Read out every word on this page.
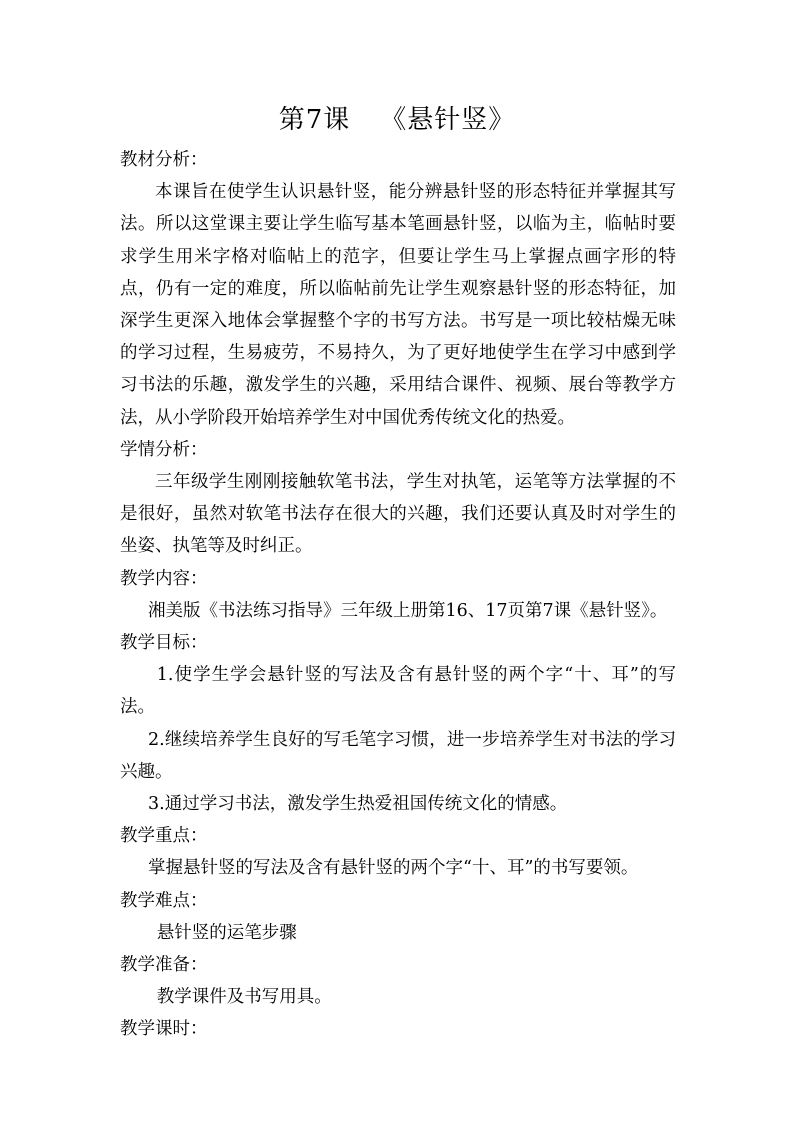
第7课 《悬针竖》

教材分析：

本课旨在使学生认识悬针竖，能分辨悬针竖的形态特征并掌握其写法。所以这堂课主要让学生临写基本笔画悬针竖，以临为主，临帖时要求学生用米字格对临帖上的范字，但要让学生马上掌握点画字形的特点，仍有一定的难度，所以临帖前先让学生观察悬针竖的形态特征，加深学生更深入地体会掌握整个字的书写方法。书写是一项比较枯燥无味的学习过程，生易疲劳，不易持久，为了更好地使学生在学习中感到学习书法的乐趣，激发学生的兴趣，采用结合课件、视频、展台等教学方法，从小学阶段开始培养学生对中国优秀传统文化的热爱。

学情分析：

三年级学生刚刚接触软笔书法，学生对执笔，运笔等方法掌握的不是很好，虽然对软笔书法存在很大的兴趣，我们还要认真及时对学生的坐姿、执笔等及时纠正。

教学内容：

湘美版《书法练习指导》三年级上册第16、17页第7课《悬针竖》。

教学目标：

1.使学生学会悬针竖的写法及含有悬针竖的两个字“十、耳”的写法。

2.继续培养学生良好的写毛笔字习惯，进一步培养学生对书法的学习兴趣。

3.通过学习书法，激发学生热爱祖国传统文化的情感。

教学重点：

掌握悬针竖的写法及含有悬针竖的两个字“十、耳”的书写要领。

教学难点：

悬针竖的运笔步骤

教学准备：

教学课件及书写用具。

教学课时：
